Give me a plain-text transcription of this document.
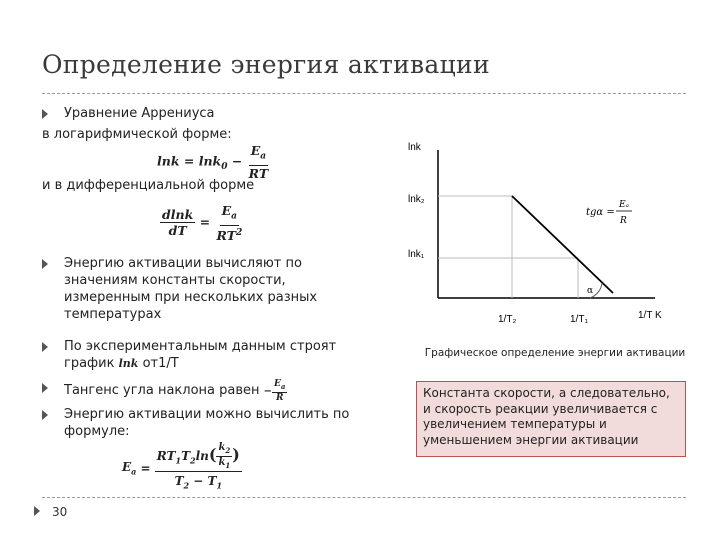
Определение энергия активации
Уравнение Аррениуса
в логарифмической форме:
$\ln k = \ln k_0 - \frac{E_a}{RT}$
и в дифференциальной форме
$\frac{dlnk}{dT} = \frac{E_a}{RT^2}$
Энергию активации вычисляют по
значениям константы скорости,
измеренным при нескольких разных
температурах
По экспериментальным данным строят
график lnk от1/Т
Тангенс угла наклона равен − $\frac{E_a}{R}$
Энергию активации можно вычислить по
формуле:
$E_a = \frac{RT_1T_2\ln( \frac{k_2}{k_1} )}{T_2 - T_1}$
lnk
lnk₂
lnk₁
1/T₂	1/T₁	1/T K
tgα =
Eₐ
R
α
Графическое определение энергии активации
Константа скорости, а следовательно, и скорость реакции увеличивается с увеличением температуры и уменьшением энергии активации
30
